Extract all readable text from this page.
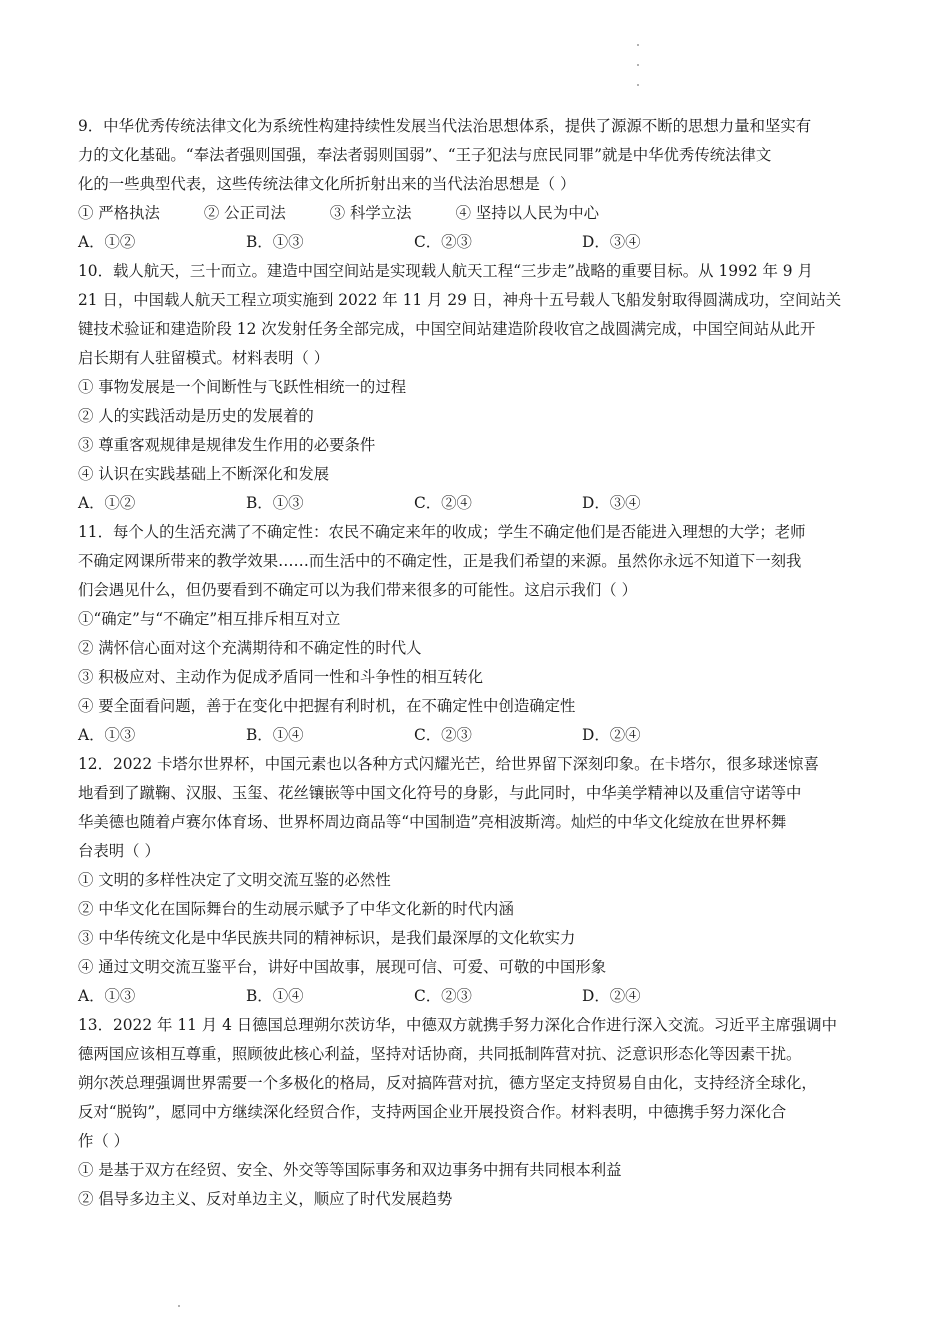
9．中华优秀传统法律文化为系统性构建持续性发展当代法治思想体系，提供了源源不断的思想力量和坚实有
力的文化基础。“奉法者强则国强，奉法者弱则国弱”、“王子犯法与庶民同罪”就是中华优秀传统法律文
化的一些典型代表，这些传统法律文化所折射出来的当代法治思想是（ ）
① 严格执法	② 公正司法	③ 科学立法	④ 坚持以人民为中心
A．①②	B．①③	C．②③	D．③④
10．载人航天，三十而立。建造中国空间站是实现载人航天工程“三步走”战略的重要目标。从 1992 年 9 月
21 日，中国载人航天工程立项实施到 2022 年 11 月 29 日，神舟十五号载人飞船发射取得圆满成功，空间站关
键技术验证和建造阶段 12 次发射任务全部完成，中国空间站建造阶段收官之战圆满完成，中国空间站从此开
启长期有人驻留模式。材料表明（ ）
① 事物发展是一个间断性与飞跃性相统一的过程
② 人的实践活动是历史的发展着的
③ 尊重客观规律是规律发生作用的必要条件
④ 认识在实践基础上不断深化和发展
A．①②	B．①③	C．②④	D．③④
11．每个人的生活充满了不确定性：农民不确定来年的收成；学生不确定他们是否能进入理想的大学；老师
不确定网课所带来的教学效果……而生活中的不确定性，正是我们希望的来源。虽然你永远不知道下一刻我
们会遇见什么，但仍要看到不确定可以为我们带来很多的可能性。这启示我们（ ）
①“确定”与“不确定”相互排斥相互对立
② 满怀信心面对这个充满期待和不确定性的时代人
③ 积极应对、主动作为促成矛盾同一性和斗争性的相互转化
④ 要全面看问题，善于在变化中把握有利时机，在不确定性中创造确定性
A．①③	B．①④	C．②③	D．②④
12．2022 卡塔尔世界杯，中国元素也以各种方式闪耀光芒，给世界留下深刻印象。在卡塔尔，很多球迷惊喜
地看到了蹴鞠、汉服、玉玺、花丝镶嵌等中国文化符号的身影，与此同时，中华美学精神以及重信守诺等中
华美德也随着卢赛尔体育场、世界杯周边商品等“中国制造”亮相波斯湾。灿烂的中华文化绽放在世界杯舞
台表明（ ）
① 文明的多样性决定了文明交流互鉴的必然性
② 中华文化在国际舞台的生动展示赋予了中华文化新的时代内涵
③ 中华传统文化是中华民族共同的精神标识，是我们最深厚的文化软实力
④ 通过文明交流互鉴平台，讲好中国故事，展现可信、可爱、可敬的中国形象
A．①③	B．①④	C．②③	D．②④
13．2022 年 11 月 4 日德国总理朔尔茨访华，中德双方就携手努力深化合作进行深入交流。习近平主席强调中
德两国应该相互尊重，照顾彼此核心利益，坚持对话协商，共同抵制阵营对抗、泛意识形态化等因素干扰。
朔尔茨总理强调世界需要一个多极化的格局，反对搞阵营对抗，德方坚定支持贸易自由化，支持经济全球化，
反对“脱钩”，愿同中方继续深化经贸合作，支持两国企业开展投资合作。材料表明，中德携手努力深化合
作（ ）
① 是基于双方在经贸、安全、外交等等国际事务和双边事务中拥有共同根本利益
② 倡导多边主义、反对单边主义，顺应了时代发展趋势
